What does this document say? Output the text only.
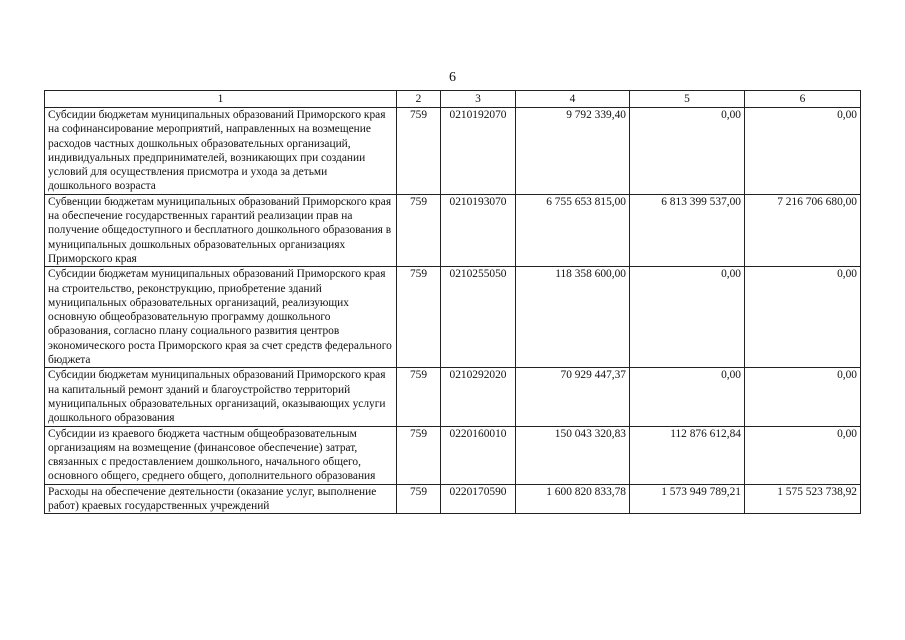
6
1	2	3	4	5	6
Субсидии бюджетам муниципальных образований Приморского края на софинансирование мероприятий, направленных на возмещение расходов частных дошкольных образовательных организаций, индивидуальных предпринимателей, возникающих при создании условий для осуществления присмотра и ухода за детьми дошкольного возраста	759	0210192070	9 792 339,40	0,00	0,00
Субвенции бюджетам муниципальных образований Приморского края на обеспечение государственных гарантий реализации прав на получение общедоступного и бесплатного дошкольного образования в муниципальных дошкольных образовательных организациях Приморского края	759	0210193070	6 755 653 815,00	6 813 399 537,00	7 216 706 680,00
Субсидии бюджетам муниципальных образований Приморского края на строительство, реконструкцию, приобретение зданий муниципальных образовательных организаций, реализующих основную общеобразовательную программу дошкольного образования, согласно плану социального развития центров экономического роста Приморского края за счет средств федерального бюджета	759	0210255050	118 358 600,00	0,00	0,00
Субсидии бюджетам муниципальных образований Приморского края на капитальный ремонт зданий и благоустройство территорий муниципальных образовательных организаций, оказывающих услуги дошкольного образования	759	0210292020	70 929 447,37	0,00	0,00
Субсидии из краевого бюджета частным общеобразовательным организациям на возмещение (финансовое обеспечение) затрат, связанных с предоставлением дошкольного, начального общего, основного общего, среднего общего, дополнительного образования	759	0220160010	150 043 320,83	112 876 612,84	0,00
Расходы на обеспечение деятельности (оказание услуг, выполнение работ) краевых государственных учреждений	759	0220170590	1 600 820 833,78	1 573 949 789,21	1 575 523 738,92
